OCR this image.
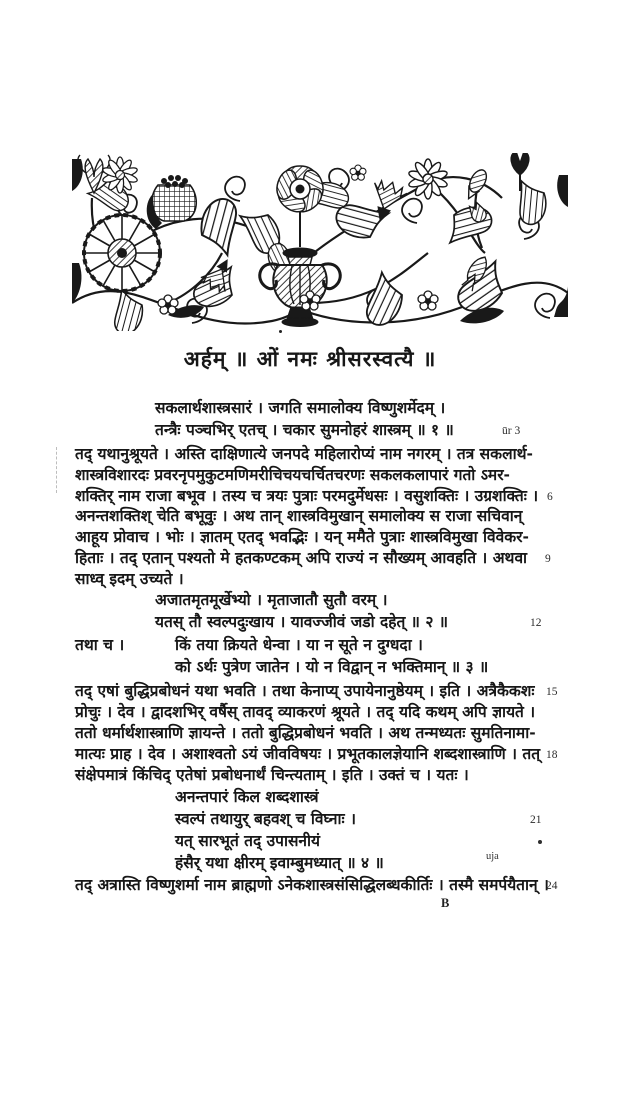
अर्हम् ॥ ओं नमः श्रीसरस्वत्यै ॥
सकलार्थशास्त्रसारं । जगति समालोक्य विष्णुशर्मेदम् ।
तन्त्रैः पञ्चभिर् एतच् । चकार सुमनोहरं शास्त्रम् ॥ १ ॥	ūr 3
तद् यथानुश्रूयते । अस्ति दाक्षिणात्ये जनपदे महिलारोप्यं नाम नगरम् । तत्र सकलार्थ-
शास्त्रविशारदः प्रवरनृपमुकुटमणिमरीचिचयचर्चितचरणः सकलकलापारं गतो ऽमर-
शक्तिर् नाम राजा बभूव । तस्य च त्रयः पुत्राः परमदुर्मेधसः । वसुशक्तिः । उग्रशक्तिः । 6
अनन्तशक्तिश् चेति बभूवुः । अथ तान् शास्त्रविमुखान् समालोक्य स राजा सचिवान्
आहूय प्रोवाच । भोः । ज्ञातम् एतद् भवद्भिः । यन् ममैते पुत्राः शास्त्रविमुखा विवेकर-
हिताः । तद् एतान् पश्यतो मे हतकण्टकम् अपि राज्यं न सौख्यम् आवहति । अथवा 9
साध्व् इदम् उच्यते ।
अजातमृतमूर्खेभ्यो । मृताजातौ सुतौ वरम् ।
यतस् तौ स्वल्पदुःखाय । यावज्जीवं जडो दहेत् ॥ २ ॥	12
तथा च ।	किं तया क्रियते धेन्वा । या न सूते न दुग्धदा ।
को ऽर्थः पुत्रेण जातेन । यो न विद्वान् न भक्तिमान् ॥ ३ ॥
तद् एषां बुद्धिप्रबोधनं यथा भवति । तथा केनाप्य् उपायेनानुष्ठेयम् । इति । अत्रैकैकशः 15
प्रोचुः । देव । द्वादशभिर् वर्षैस् तावद् व्याकरणं श्रूयते । तद् यदि कथम् अपि ज्ञायते ।
ततो धर्मार्थशास्त्राणि ज्ञायन्ते । ततो बुद्धिप्रबोधनं भवति । अथ तन्मध्यतः सुमतिनामा-
मात्यः प्राह । देव । अशाश्वतो ऽयं जीवविषयः । प्रभूतकालज्ञेयानि शब्दशास्त्राणि । तत् 18
संक्षेपमात्रं किंचिद् एतेषां प्रबोधनार्थं चिन्त्यताम् । इति । उक्तं च । यतः ।
अनन्तपारं किल शब्दशास्त्रं
स्वल्पं तथायुर् बहवश् च विघ्नाः ।	21
यत् सारभूतं तद् उपासनीयं
हंसैर् यथा क्षीरम् इवाम्बुमध्यात् ॥ ४ ॥	uja
तद् अत्रास्ति विष्णुशर्मा नाम ब्राह्मणो ऽनेकशास्त्रसंसिद्धिलब्धकीर्तिः । तस्मै समर्पयैतान् ।
24
B
